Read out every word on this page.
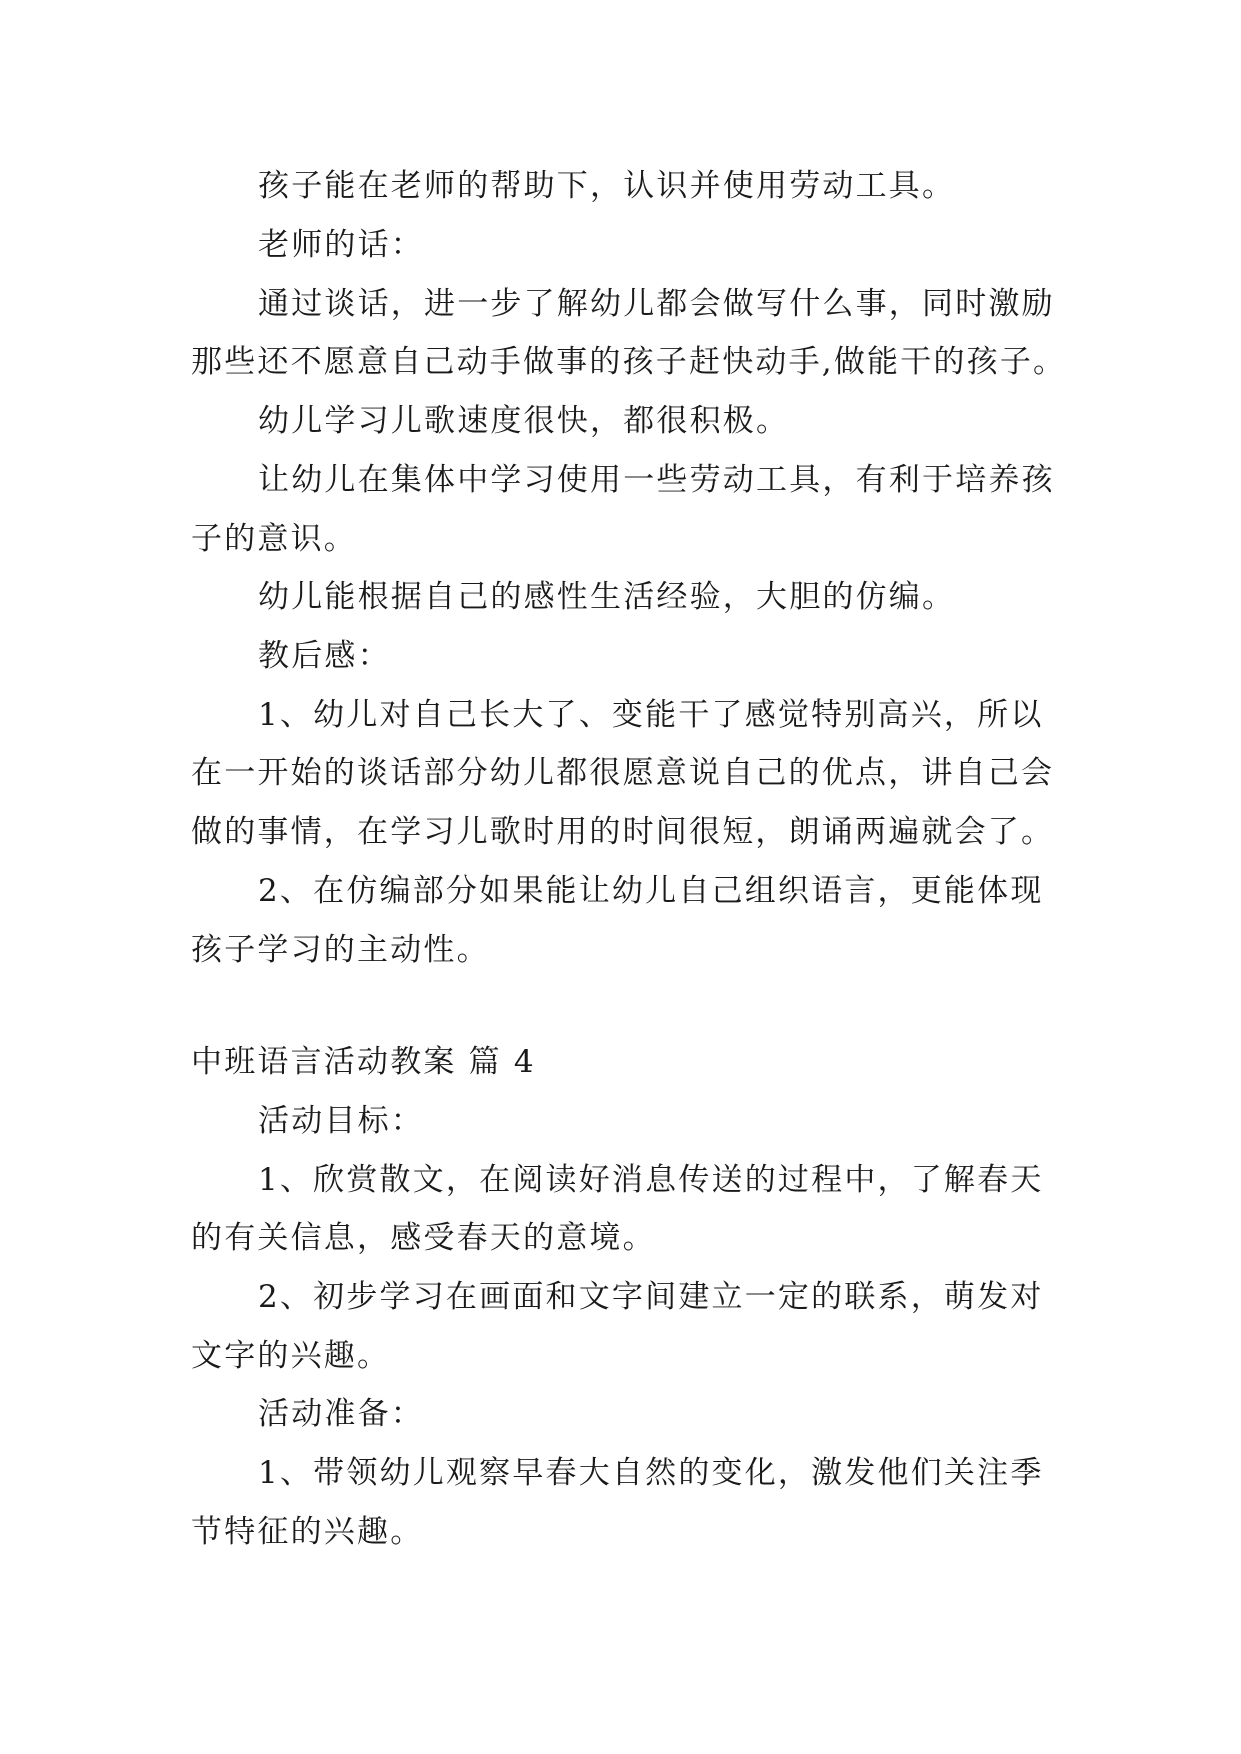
孩子能在老师的帮助下，认识并使用劳动工具。
老师的话：
通过谈话，进一步了解幼儿都会做写什么事，同时激励
那些还不愿意自己动手做事的孩子赶快动手,做能干的孩子。
幼儿学习儿歌速度很快，都很积极。
让幼儿在集体中学习使用一些劳动工具，有利于培养孩
子的意识。
幼儿能根据自己的感性生活经验，大胆的仿编。
教后感：
1、幼儿对自己长大了、变能干了感觉特别高兴，所以
在一开始的谈话部分幼儿都很愿意说自己的优点，讲自己会
做的事情，在学习儿歌时用的时间很短，朗诵两遍就会了。
2、在仿编部分如果能让幼儿自己组织语言，更能体现
孩子学习的主动性。
中班语言活动教案 篇 4
活动目标：
1、欣赏散文，在阅读好消息传送的过程中，了解春天
的有关信息，感受春天的意境。
2、初步学习在画面和文字间建立一定的联系，萌发对
文字的兴趣。
活动准备：
1、带领幼儿观察早春大自然的变化，激发他们关注季
节特征的兴趣。
